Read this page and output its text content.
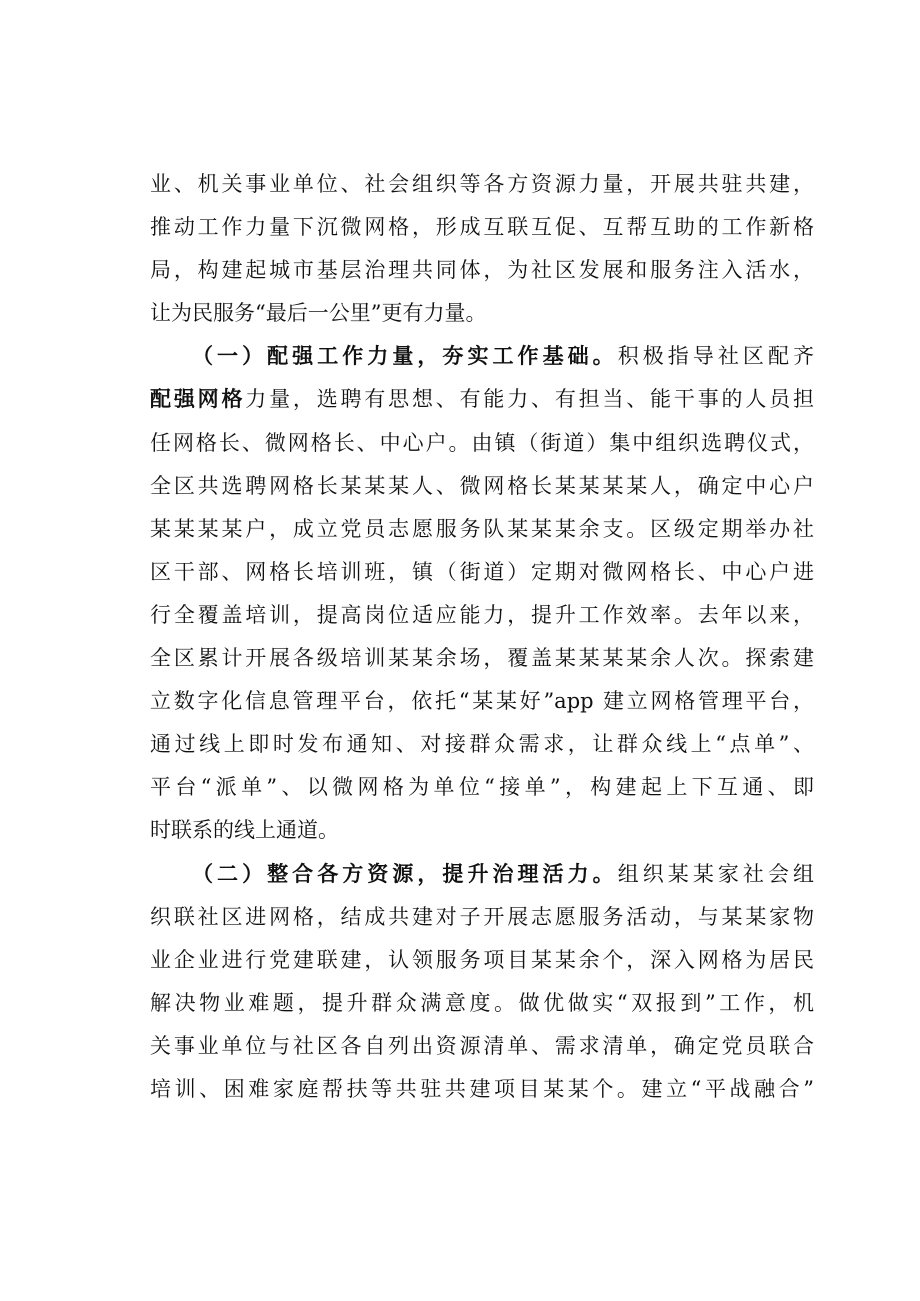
业、机关事业单位、社会组织等各方资源力量，开展共驻共建，
推动工作力量下沉微网格，形成互联互促、互帮互助的工作新格
局，构建起城市基层治理共同体，为社区发展和服务注入活水，
让为民服务“最后一公里”更有力量。
（一）配强工作力量，夯实工作基础。积极指导社区配齐
配强网格力量，选聘有思想、有能力、有担当、能干事的人员担
任网格长、微网格长、中心户。由镇（街道）集中组织选聘仪式，
全区共选聘网格长某某某人、微网格长某某某某人，确定中心户
某某某某户，成立党员志愿服务队某某某余支。区级定期举办社
区干部、网格长培训班，镇（街道）定期对微网格长、中心户进
行全覆盖培训，提高岗位适应能力，提升工作效率。去年以来，
全区累计开展各级培训某某余场，覆盖某某某某余人次。探索建
立数字化信息管理平台，依托“某某好”app 建立网格管理平台，
通过线上即时发布通知、对接群众需求，让群众线上“点单”、
平台“派单”、以微网格为单位“接单”，构建起上下互通、即
时联系的线上通道。
（二）整合各方资源，提升治理活力。组织某某家社会组
织联社区进网格，结成共建对子开展志愿服务活动，与某某家物
业企业进行党建联建，认领服务项目某某余个，深入网格为居民
解决物业难题，提升群众满意度。做优做实“双报到”工作，机
关事业单位与社区各自列出资源清单、需求清单，确定党员联合
培训、困难家庭帮扶等共驻共建项目某某个。建立“平战融合”
